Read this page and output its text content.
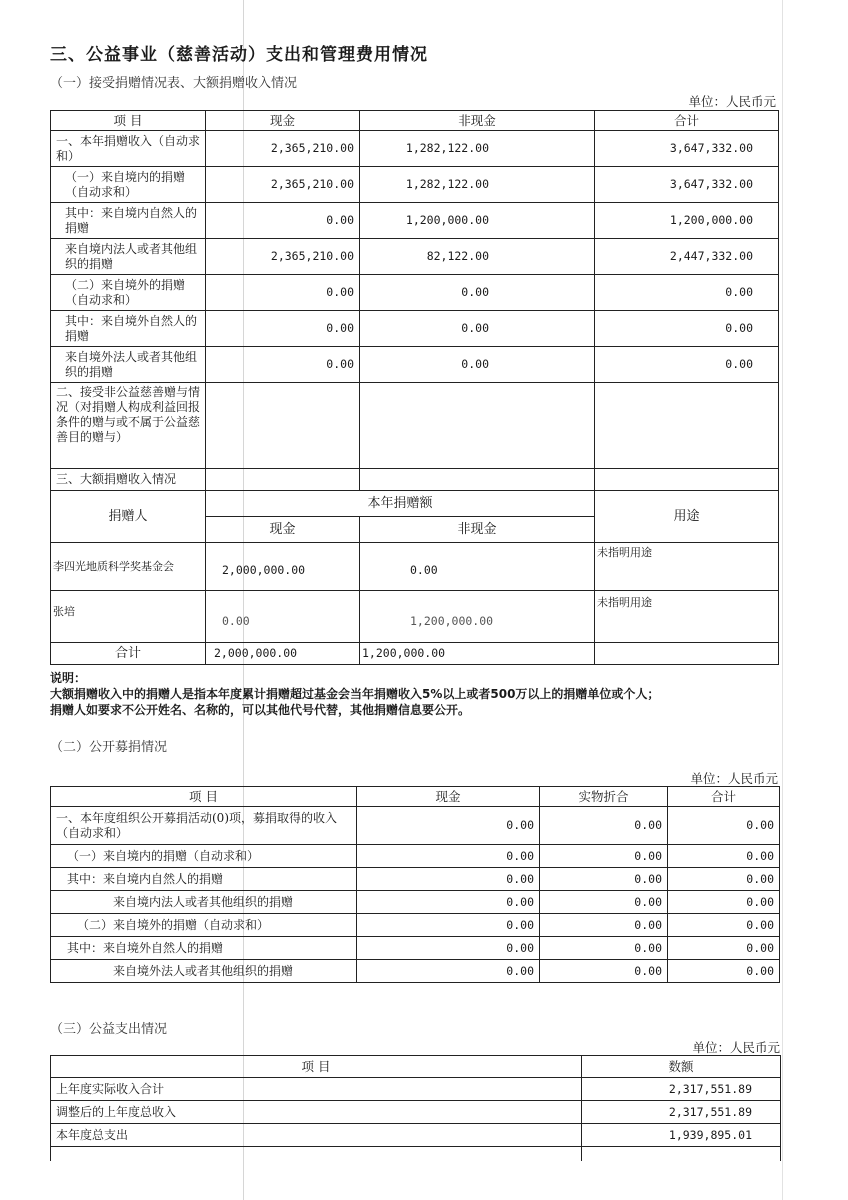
三、公益事业（慈善活动）支出和管理费用情况
（一）接受捐赠情况表、大额捐赠收入情况
单位：人民币元
项 目	现金	非现金	合计
一、本年捐赠收入（自动求和）	2,365,210.00	1,282,122.00	3,647,332.00
（一）来自境内的捐赠（自动求和）	2,365,210.00	1,282,122.00	3,647,332.00
其中：来自境内自然人的捐赠	0.00	1,200,000.00	1,200,000.00
来自境内法人或者其他组织的捐赠	2,365,210.00	82,122.00	2,447,332.00
（二）来自境外的捐赠（自动求和）	0.00	0.00	0.00
其中：来自境外自然人的捐赠	0.00	0.00	0.00
来自境外法人或者其他组织的捐赠	0.00	0.00	0.00
二、接受非公益慈善赠与情况（对捐赠人构成利益回报条件的赠与或不属于公益慈善目的赠与）			
三、大额捐赠收入情况			
捐赠人	本年捐赠额		用途
	现金	非现金	
李四光地质科学奖基金会	2,000,000.00	0.00	未指明用途
张培	0.00	1,200,000.00	未指明用途
合计	2,000,000.00	1,200,000.00	
说明：
大额捐赠收入中的捐赠人是指本年度累计捐赠超过基金会当年捐赠收入5%以上或者500万以上的捐赠单位或个人；
捐赠人如要求不公开姓名、名称的，可以其他代号代替，其他捐赠信息要公开。
（二）公开募捐情况
单位：人民币元
项 目	现金	实物折合	合计
一、本年度组织公开募捐活动(0)项，募捐取得的收入（自动求和）	0.00	0.00	0.00
（一）来自境内的捐赠（自动求和）	0.00	0.00	0.00
其中：来自境内自然人的捐赠	0.00	0.00	0.00
来自境内法人或者其他组织的捐赠	0.00	0.00	0.00
（二）来自境外的捐赠（自动求和）	0.00	0.00	0.00
其中：来自境外自然人的捐赠	0.00	0.00	0.00
来自境外法人或者其他组织的捐赠	0.00	0.00	0.00
（三）公益支出情况
单位：人民币元
项 目	数额
上年度实际收入合计	2,317,551.89
调整后的上年度总收入	2,317,551.89
本年度总支出	1,939,895.01
